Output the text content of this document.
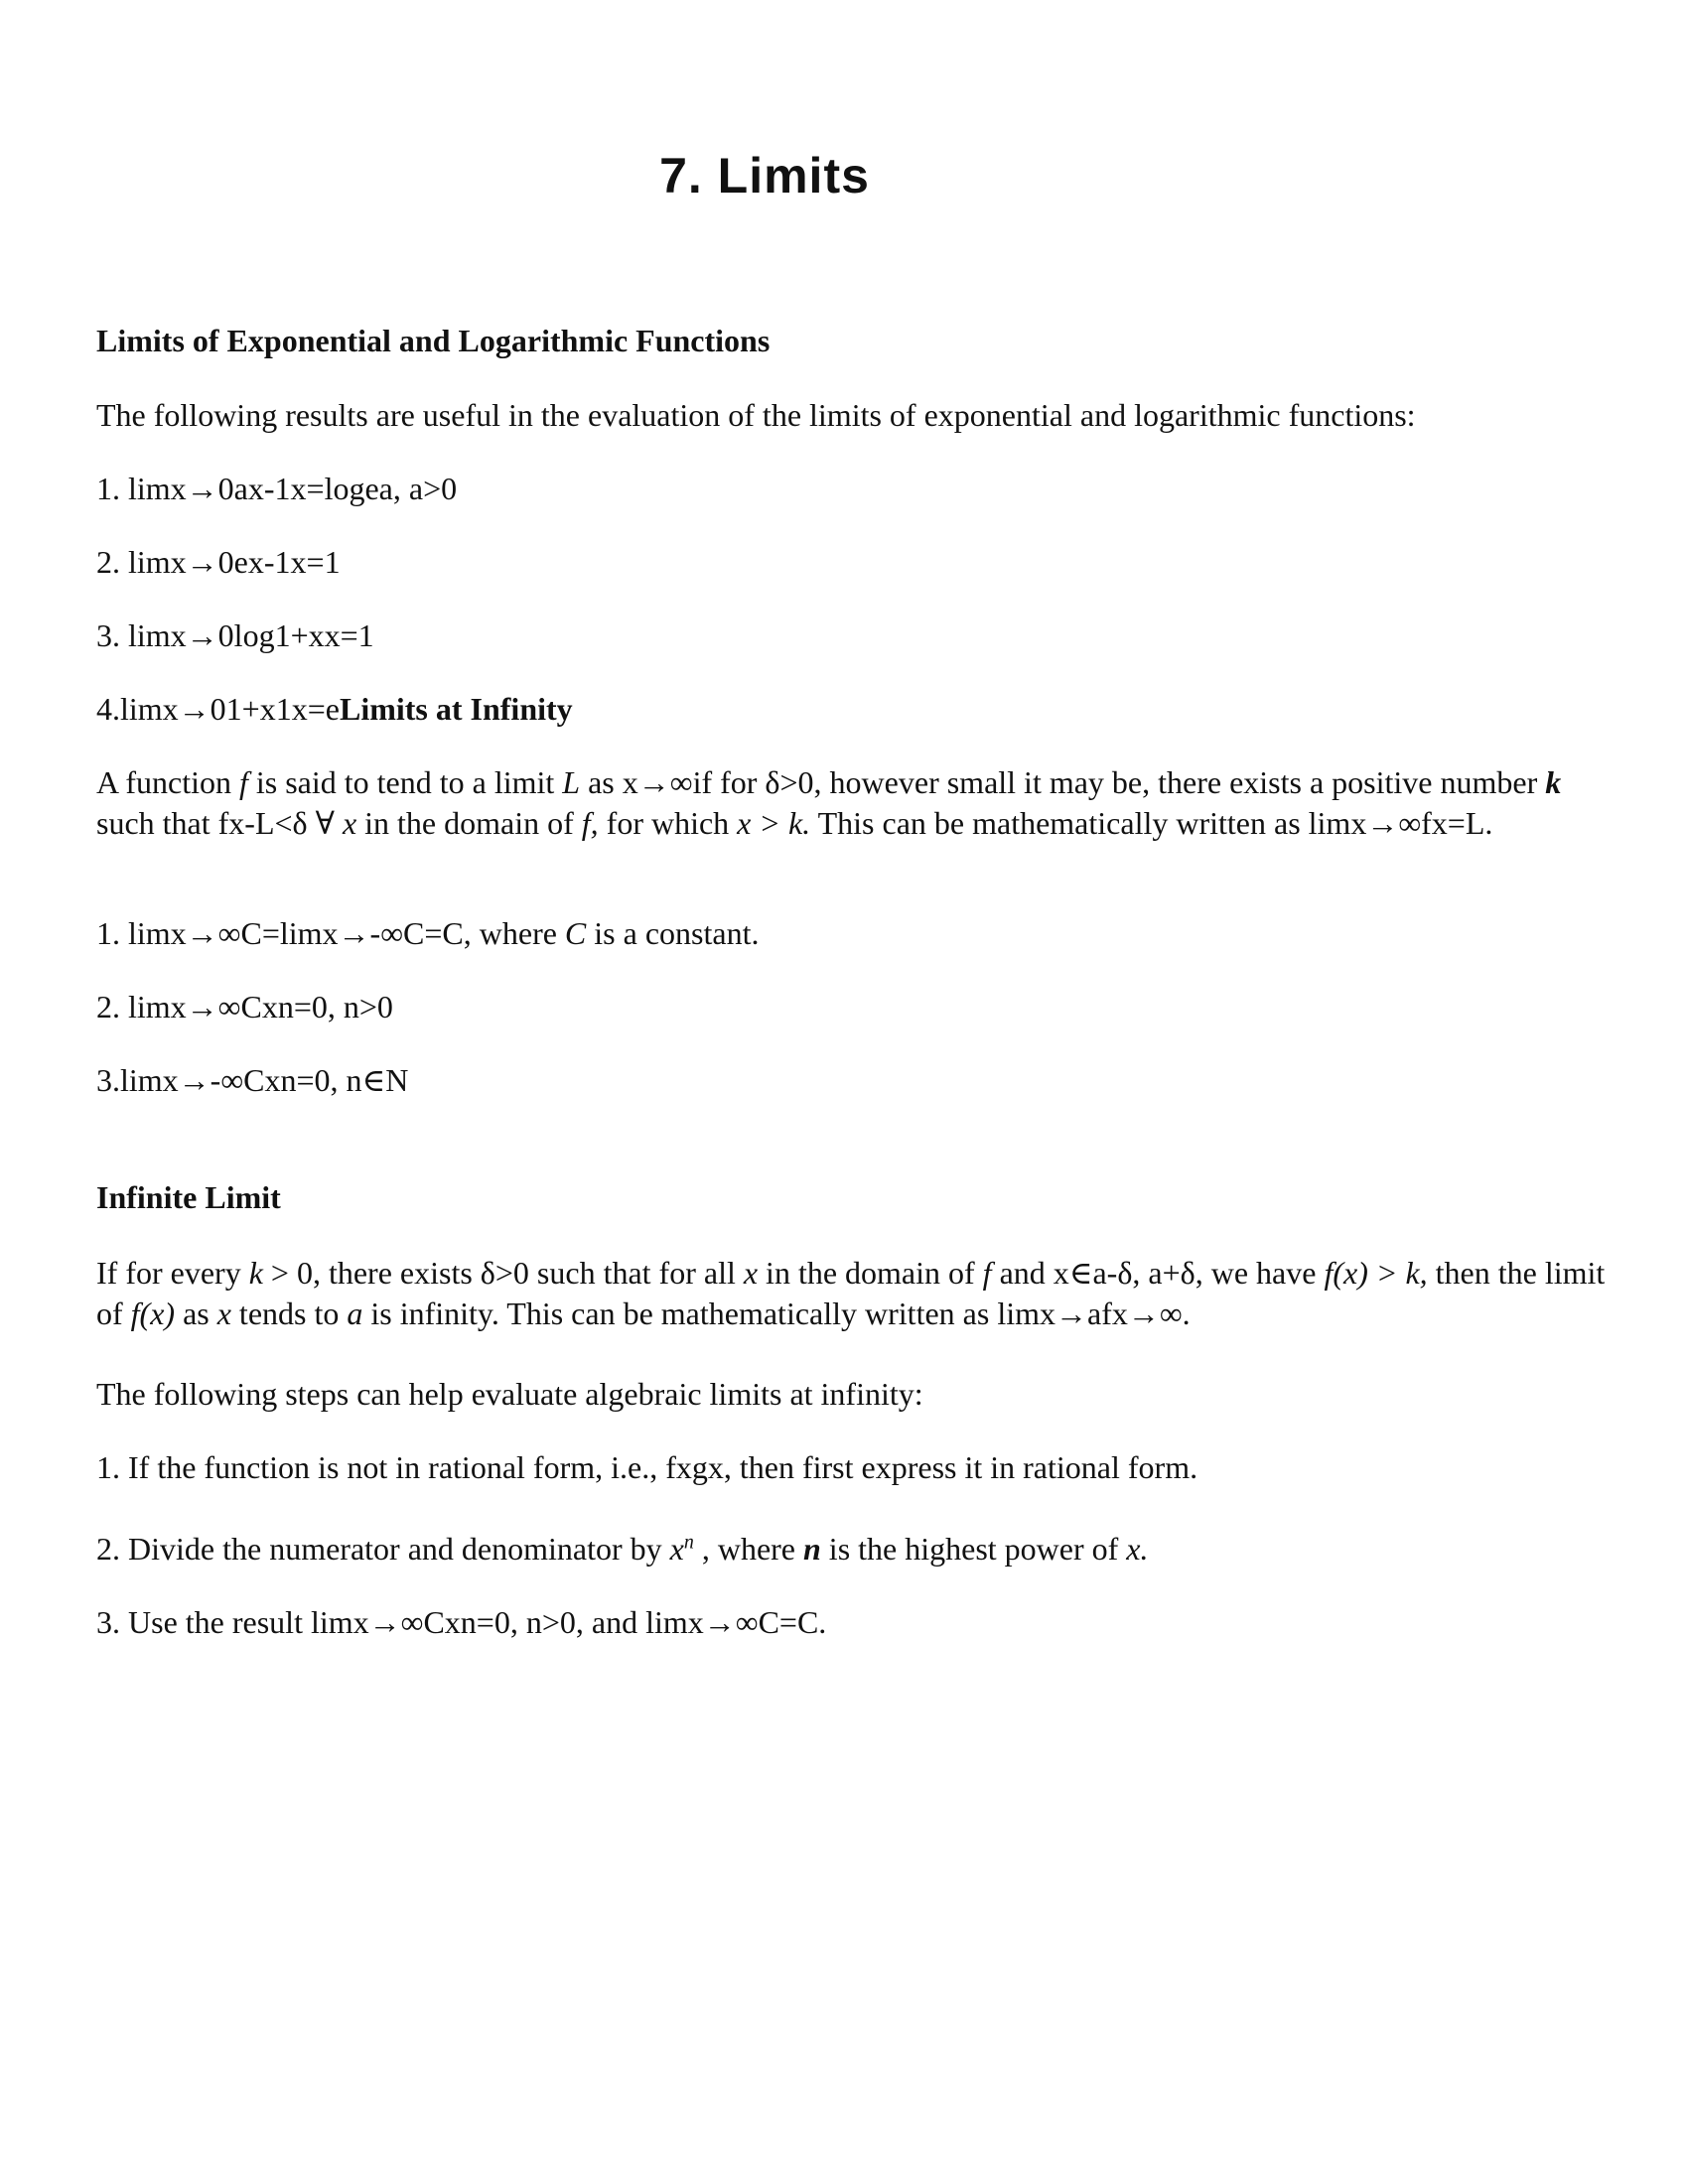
7. Limits
Limits of Exponential and Logarithmic Functions

The following results are useful in the evaluation of the limits of exponential and logarithmic functions:

1. limx→0ax-1x=logea, a>0

2. limx→0ex-1x=1

3. limx→0log1+xx=1

4.limx→01+x1x=eLimits at Infinity

A function f is said to tend to a limit L as x→∞if for δ>0, however small it may be, there exists a positive number k such that fx-L<δ ∀ x in the domain of f, for which x > k. This can be mathematically written as limx→∞fx=L.

1. limx→∞C=limx→-∞C=C, where C is a constant.

2. limx→∞Cxn=0, n>0

3.limx→-∞Cxn=0, n∈N

Infinite Limit

If for every k > 0, there exists δ>0 such that for all x in the domain of f and x∈a-δ, a+δ, we have f(x) > k, then the limit of f(x) as x tends to a is infinity. This can be mathematically written as limx→afx→∞.

The following steps can help evaluate algebraic limits at infinity:

1. If the function is not in rational form, i.e., fxgx, then first express it in rational form.

2. Divide the numerator and denominator by $x^n$ , where n is the highest power of x.

3. Use the result limx→∞Cxn=0, n>0, and limx→∞C=C.
